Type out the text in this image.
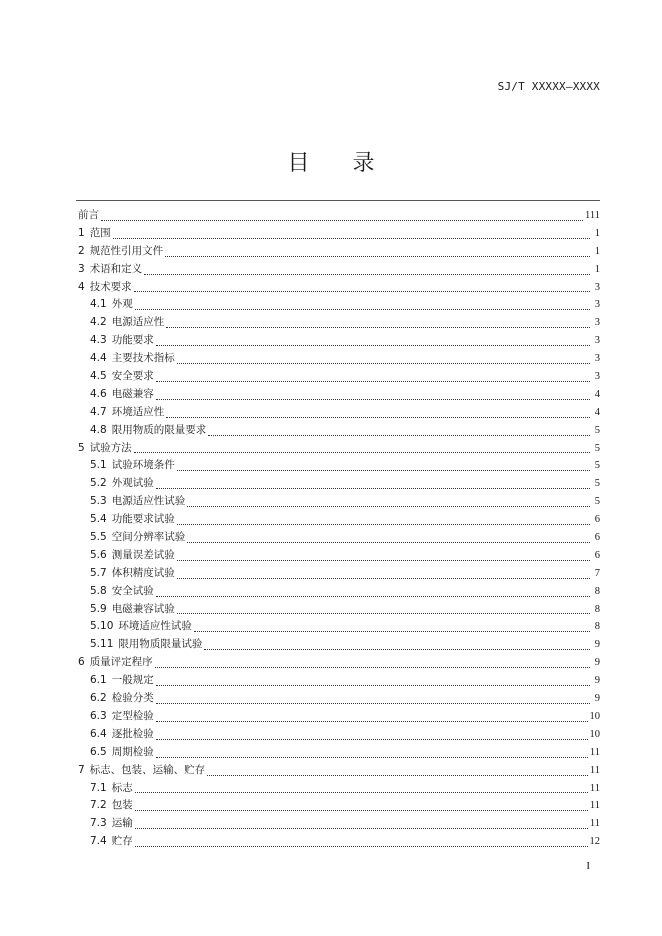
SJ/T XXXXX—XXXX
目 录
前言	111
1 范围	1
2 规范性引用文件	1
3 术语和定义	1
4 技术要求	3
4.1 外观	3
4.2 电源适应性	3
4.3 功能要求	3
4.4 主要技术指标	3
4.5 安全要求	3
4.6 电磁兼容	4
4.7 环境适应性	4
4.8 限用物质的限量要求	5
5 试验方法	5
5.1 试验环境条件	5
5.2 外观试验	5
5.3 电源适应性试验	5
5.4 功能要求试验	6
5.5 空间分辨率试验	6
5.6 测量误差试验	6
5.7 体积精度试验	7
5.8 安全试验	8
5.9 电磁兼容试验	8
5.10 环境适应性试验	8
5.11 限用物质限量试验	9
6 质量评定程序	9
6.1 一般规定	9
6.2 检验分类	9
6.3 定型检验	10
6.4 逐批检验	10
6.5 周期检验	11
7 标志、包装、运输、贮存	11
7.1 标志	11
7.2 包装	11
7.3 运输	11
7.4 贮存	12
I
